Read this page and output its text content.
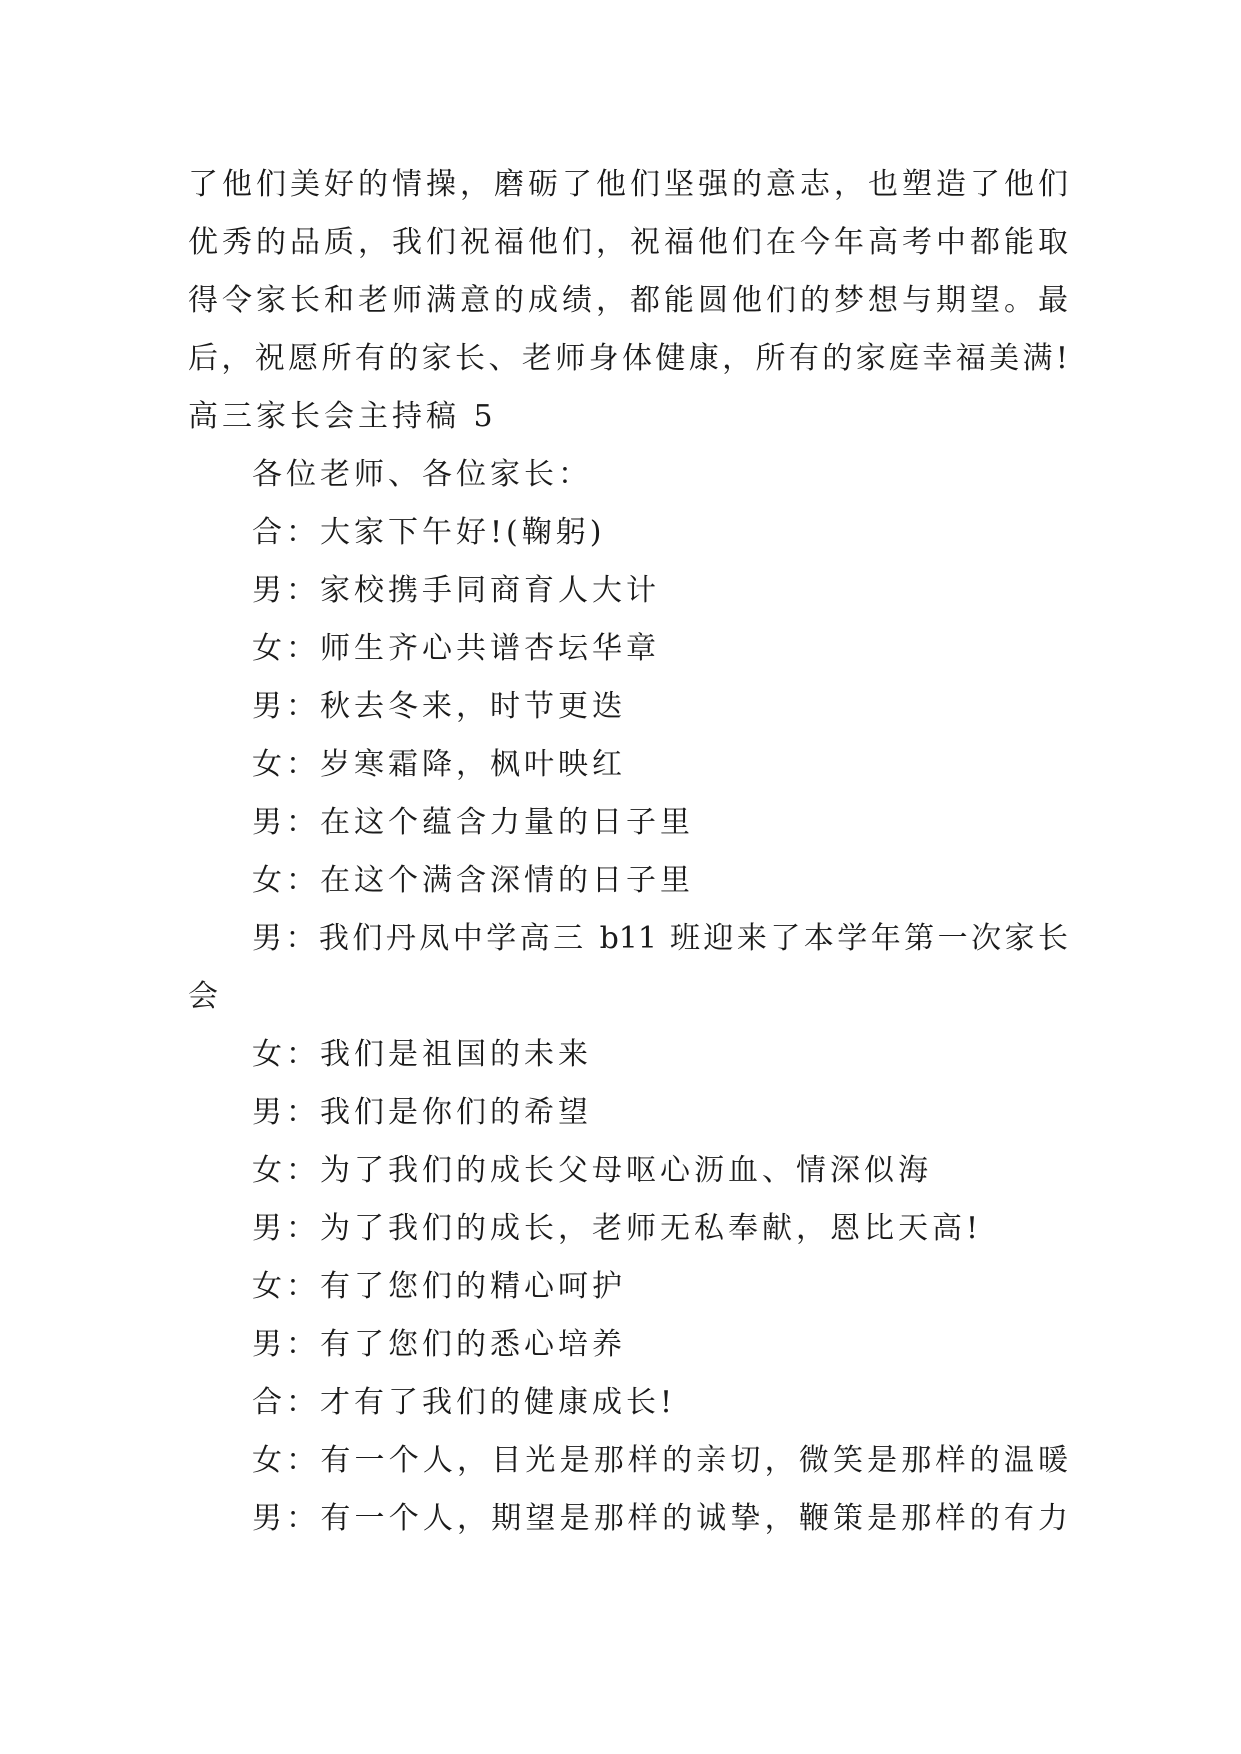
了他们美好的情操，磨砺了他们坚强的意志，也塑造了他们
优秀的品质，我们祝福他们，祝福他们在今年高考中都能取
得令家长和老师满意的成绩，都能圆他们的梦想与期望。最
后，祝愿所有的家长、老师身体健康，所有的家庭幸福美满!
高三家长会主持稿 5
各位老师、各位家长：
合：大家下午好!(鞠躬)
男：家校携手同商育人大计
女：师生齐心共谱杏坛华章
男：秋去冬来，时节更迭
女：岁寒霜降，枫叶映红
男：在这个蕴含力量的日子里
女：在这个满含深情的日子里
男：我们丹凤中学高三 b11 班迎来了本学年第一次家长
会
女：我们是祖国的未来
男：我们是你们的希望
女：为了我们的成长父母呕心沥血、情深似海
男：为了我们的成长，老师无私奉献，恩比天高!
女：有了您们的精心呵护
男：有了您们的悉心培养
合：才有了我们的健康成长!
女：有一个人，目光是那样的亲切，微笑是那样的温暖
男：有一个人，期望是那样的诚挚，鞭策是那样的有力
